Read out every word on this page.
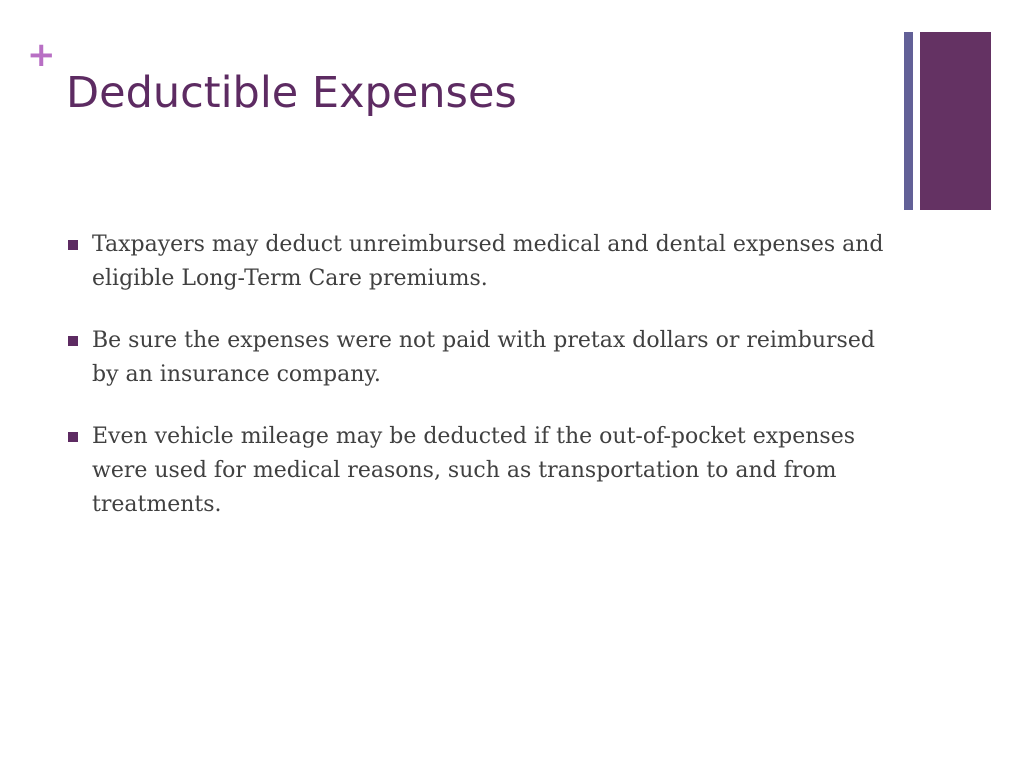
+
Deductible Expenses
Taxpayers may deduct unreimbursed medical and dental expenses and eligible Long-Term Care premiums.
Be sure the expenses were not paid with pretax dollars or reimbursed by an insurance company.
Even vehicle mileage may be deducted if the out-of-pocket expenses were used for medical reasons, such as transportation to and from treatments.
